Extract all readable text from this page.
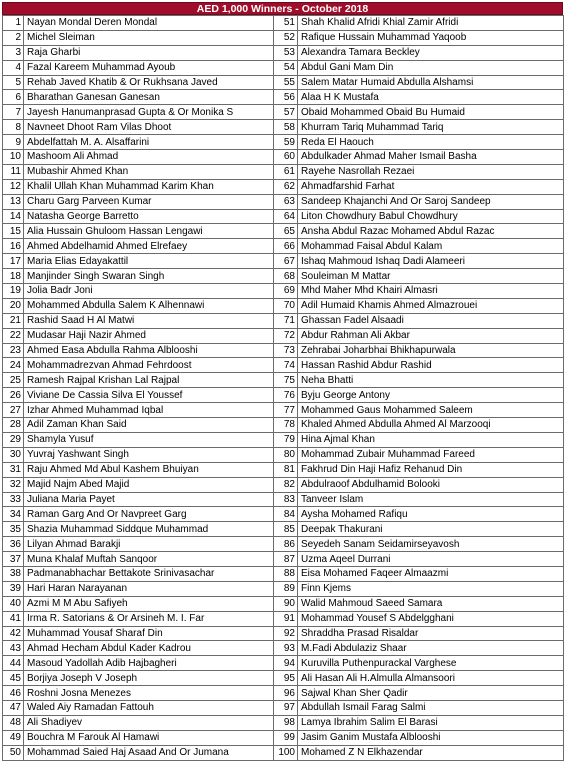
AED 1,000 Winners - October 2018
1	Nayan Mondal Deren Mondal	51	Shah Khalid Afridi Khial Zamir Afridi
2	Michel Sleiman	52	Rafique Hussain Muhammad Yaqoob
3	Raja Gharbi	53	Alexandra Tamara Beckley
4	Fazal Kareem Muhammad Ayoub	54	Abdul Gani Mam Din
5	Rehab Javed Khatib & Or Rukhsana Javed	55	Salem Matar Humaid Abdulla Alshamsi
6	Bharathan Ganesan Ganesan	56	Alaa H K Mustafa
7	Jayesh Hanumanprasad Gupta & Or Monika S	57	Obaid Mohammed Obaid Bu Humaid
8	Navneet Dhoot Ram Vilas Dhoot	58	Khurram Tariq Muhammad Tariq
9	Abdelfattah M. A. Alsaffarini	59	Reda El Haouch
10	Mashoom Ali Ahmad	60	Abdulkader Ahmad Maher Ismail Basha
11	Mubashir Ahmed Khan	61	Rayehe Nasrollah Rezaei
12	Khalil Ullah Khan Muhammad Karim Khan	62	Ahmadfarshid Farhat
13	Charu Garg Parveen Kumar	63	Sandeep Khajanchi And Or Saroj Sandeep
14	Natasha George Barretto	64	Liton Chowdhury Babul Chowdhury
15	Alia Hussain Ghuloom Hassan Lengawi	65	Ansha Abdul Razac Mohamed Abdul Razac
16	Ahmed Abdelhamid Ahmed Elrefaey	66	Mohammad Faisal Abdul Kalam
17	Maria Elias Edayakattil	67	Ishaq Mahmoud Ishaq Dadi Alameeri
18	Manjinder Singh Swaran Singh	68	Souleiman M Mattar
19	Jolia Badr Joni	69	Mhd Maher Mhd Khairi Almasri
20	Mohammed Abdulla Salem K Alhennawi	70	Adil Humaid Khamis Ahmed Almazrouei
21	Rashid Saad H Al Matwi	71	Ghassan Fadel Alsaadi
22	Mudasar Haji Nazir Ahmed	72	Abdur Rahman Ali Akbar
23	Ahmed Easa Abdulla Rahma Alblooshi	73	Zehrabai Joharbhai Bhikhapurwala
24	Mohammadrezvan Ahmad Fehrdoost	74	Hassan Rashid Abdur Rashid
25	Ramesh Rajpal Krishan Lal Rajpal	75	Neha Bhatti
26	Viviane De Cassia Silva El Youssef	76	Byju George Antony
27	Izhar Ahmed Muhammad Iqbal	77	Mohammed Gaus Mohammed Saleem
28	Adil Zaman Khan Said	78	Khaled Ahmed Abdulla Ahmed Al Marzooqi
29	Shamyla Yusuf	79	Hina Ajmal Khan
30	Yuvraj Yashwant Singh	80	Mohammad Zubair Muhammad Fareed
31	Raju Ahmed Md Abul Kashem Bhuiyan	81	Fakhrud Din Haji Hafiz Rehanud Din
32	Majid Najm Abed Majid	82	Abdulraoof Abdulhamid Bolooki
33	Juliana Maria Payet	83	Tanveer Islam
34	Raman Garg And Or Navpreet Garg	84	Aysha Mohamed Rafiqu
35	Shazia Muhammad Siddque Muhammad	85	Deepak Thakurani
36	Lilyan Ahmad Barakji	86	Seyedeh Sanam Seidamirseyavosh
37	Muna Khalaf Muftah Sanqoor	87	Uzma Aqeel Durrani
38	Padmanabhachar Bettakote Srinivasachar	88	Eisa Mohamed Faqeer Almaazmi
39	Hari Haran Narayanan	89	Finn Kjems
40	Azmi M M Abu Safiyeh	90	Walid Mahmoud Saeed Samara
41	Irma R. Satorians & Or Arsineh M. I. Far	91	Mohammad Yousef S Abdelgghani
42	Muhammad Yousaf Sharaf Din	92	Shraddha Prasad Risaldar
43	Ahmad Hecham Abdul Kader Kadrou	93	M.Fadi Abdulaziz Shaar
44	Masoud Yadollah Adib Hajbagheri	94	Kuruvilla Puthenpurackal Varghese
45	Borjiya Joseph V Joseph	95	Ali Hasan Ali H.Almulla Almansoori
46	Roshni Josna Menezes	96	Sajwal Khan Sher Qadir
47	Waled Aiy Ramadan Fattouh	97	Abdullah Ismail Farag Salmi
48	Ali Shadiyev	98	Lamya Ibrahim Salim El Barasi
49	Bouchra M Farouk Al Hamawi	99	Jasim Ganim Mustafa Alblooshi
50	Mohammad Saied Haj Asaad And Or Jumana	100	Mohamed Z N Elkhazendar
